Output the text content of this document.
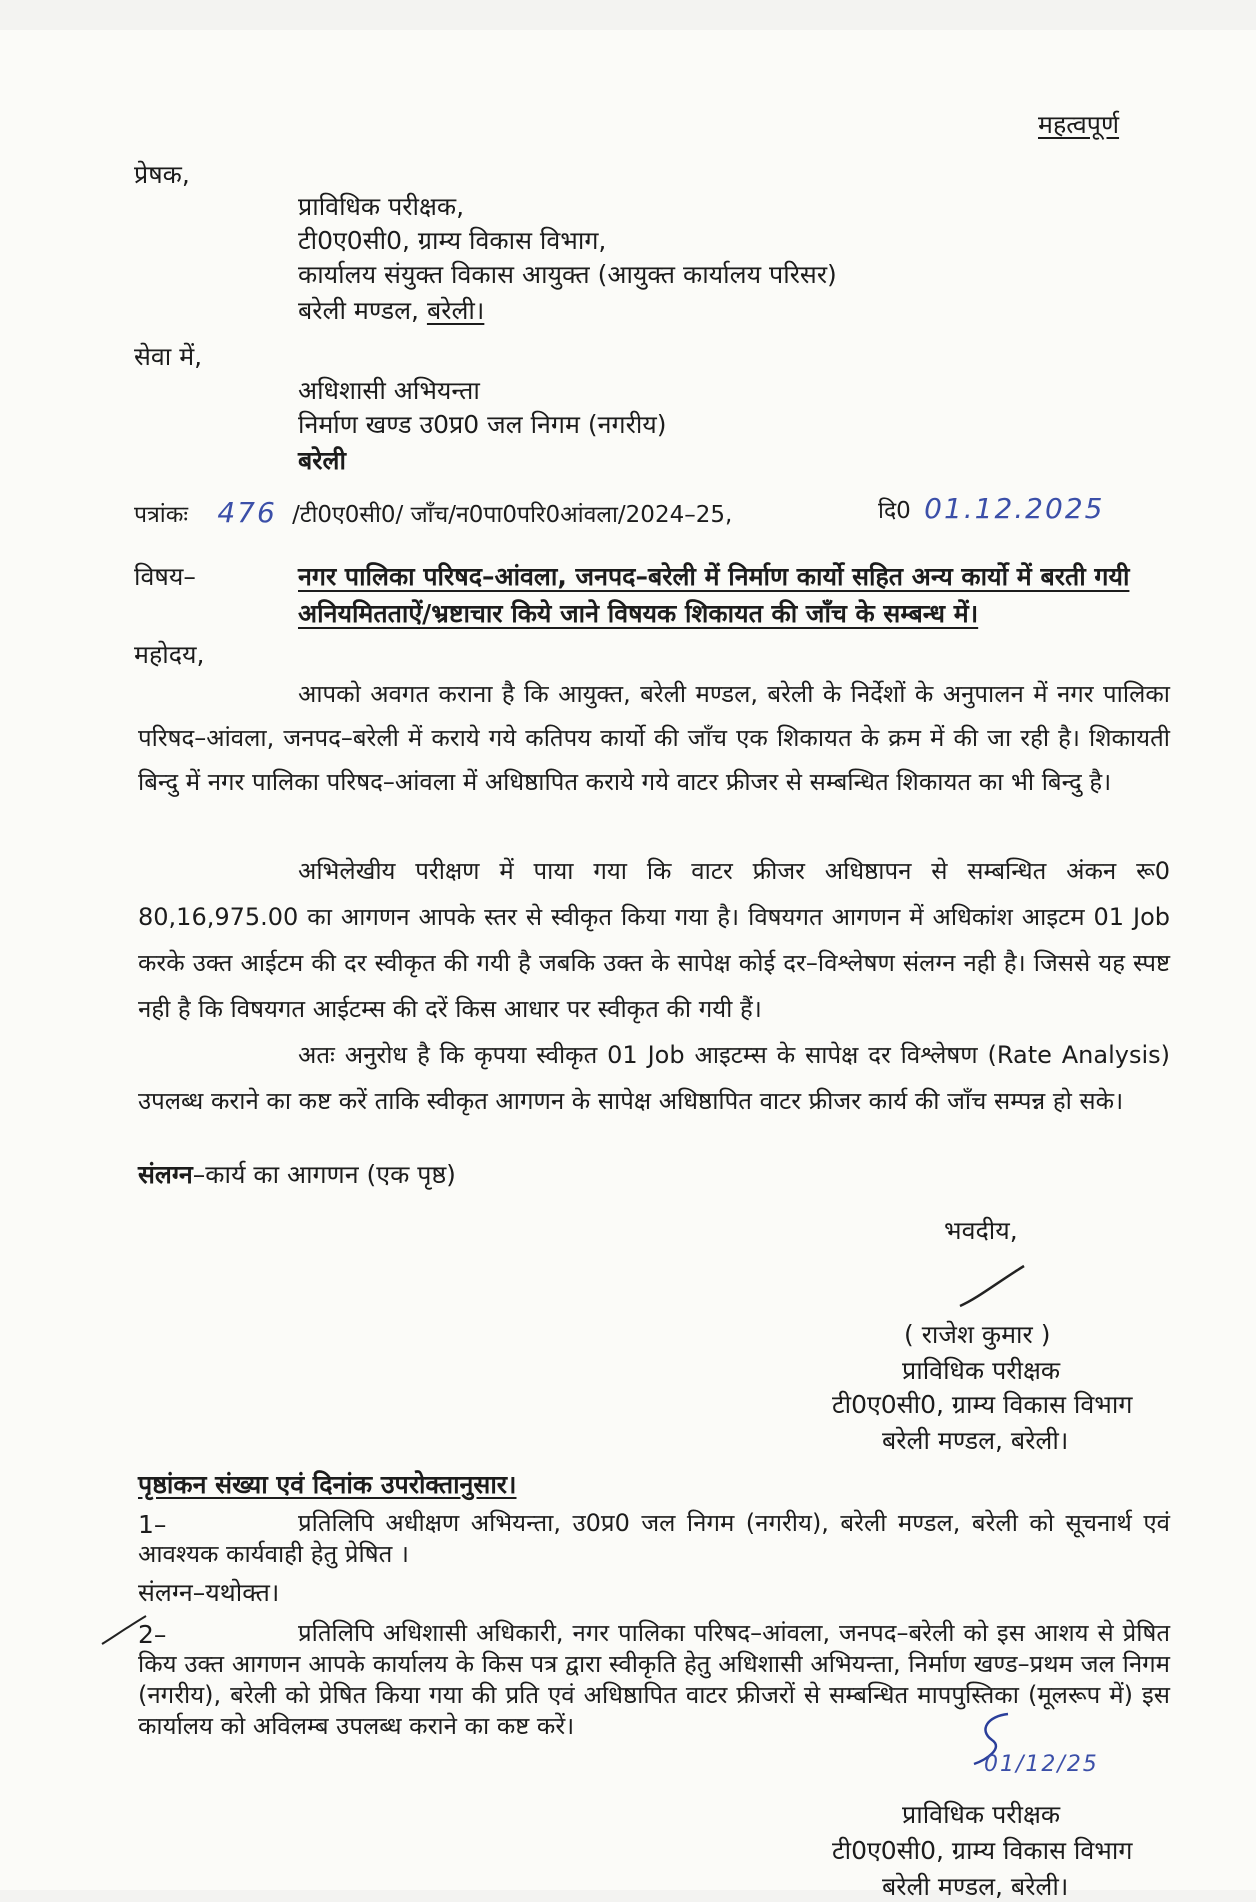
महत्वपूर्ण
प्रेषक,
प्राविधिक परीक्षक,
टी0ए0सी0, ग्राम्य विकास विभाग,
कार्यालय संयुक्त विकास आयुक्त (आयुक्त कार्यालय परिसर)
बरेली मण्डल, बरेली।
सेवा में,
अधिशासी अभियन्ता
निर्माण खण्ड उ0प्र0 जल निगम (नगरीय)
बरेली
पत्रांकः 476 /टी0ए0सी0/ जाँच/न0पा0परि0आंवला/2024–25,	दि0 01.12.2025
विषय–	नगर पालिका परिषद–आंवला, जनपद–बरेली में निर्माण कार्यो सहित अन्य कार्यो में बरती गयी
अनियमितताऐं/भ्रष्टाचार किये जाने विषयक शिकायत की जाँच के सम्बन्ध में।
महोदय,
आपको अवगत कराना है कि आयुक्त, बरेली मण्डल, बरेली के निर्देशों के अनुपालन में नगर पालिका परिषद–आंवला, जनपद–बरेली में कराये गये कतिपय कार्यो की जाँच एक शिकायत के क्रम में की जा रही है। शिकायती बिन्दु में नगर पालिका परिषद–आंवला में अधिष्ठापित कराये गये वाटर फ्रीजर से सम्बन्धित शिकायत का भी बिन्दु है।
अभिलेखीय परीक्षण में पाया गया कि वाटर फ्रीजर अधिष्ठापन से सम्बन्धित अंकन रू0 80,16,975.00 का आगणन आपके स्तर से स्वीकृत किया गया है। विषयगत आगणन में अधिकांश आइटम 01 Job करके उक्त आईटम की दर स्वीकृत की गयी है जबकि उक्त के सापेक्ष कोई दर–विश्लेषण संलग्न नही है। जिससे यह स्पष्ट नही है कि विषयगत आईटम्स की दरें किस आधार पर स्वीकृत की गयी हैं।
अतः अनुरोध है कि कृपया स्वीकृत 01 Job आइटम्स के सापेक्ष दर विश्लेषण (Rate Analysis) उपलब्ध कराने का कष्ट करें ताकि स्वीकृत आगणन के सापेक्ष अधिष्ठापित वाटर फ्रीजर कार्य की जाँच सम्पन्न हो सके।
संलग्न–कार्य का आगणन (एक पृष्ठ)
भवदीय,
( राजेश कुमार )
प्राविधिक परीक्षक
टी0ए0सी0, ग्राम्य विकास विभाग
बरेली मण्डल, बरेली।
पृष्ठांकन संख्या एवं दिनांक उपरोक्तानुसार।
1–	प्रतिलिपि अधीक्षण अभियन्ता, उ0प्र0 जल निगम (नगरीय), बरेली मण्डल, बरेली को सूचनार्थ एवं आवश्यक कार्यवाही हेतु प्रेषित ।
संलग्न–यथोक्त।
2–	प्रतिलिपि अधिशासी अधिकारी, नगर पालिका परिषद–आंवला, जनपद–बरेली को इस आशय से प्रेषित किय उक्त आगणन आपके कार्यालय के किस पत्र द्वारा स्वीकृति हेतु अधिशासी अभियन्ता, निर्माण खण्ड–प्रथम जल निगम (नगरीय), बरेली को प्रेषित किया गया की प्रति एवं अधिष्ठापित वाटर फ्रीजरों से सम्बन्धित मापपुस्तिका (मूलरूप में) इस कार्यालय को अविलम्ब उपलब्ध कराने का कष्ट करें।
01/12/25
प्राविधिक परीक्षक
टी0ए0सी0, ग्राम्य विकास विभाग
बरेली मण्डल, बरेली।
